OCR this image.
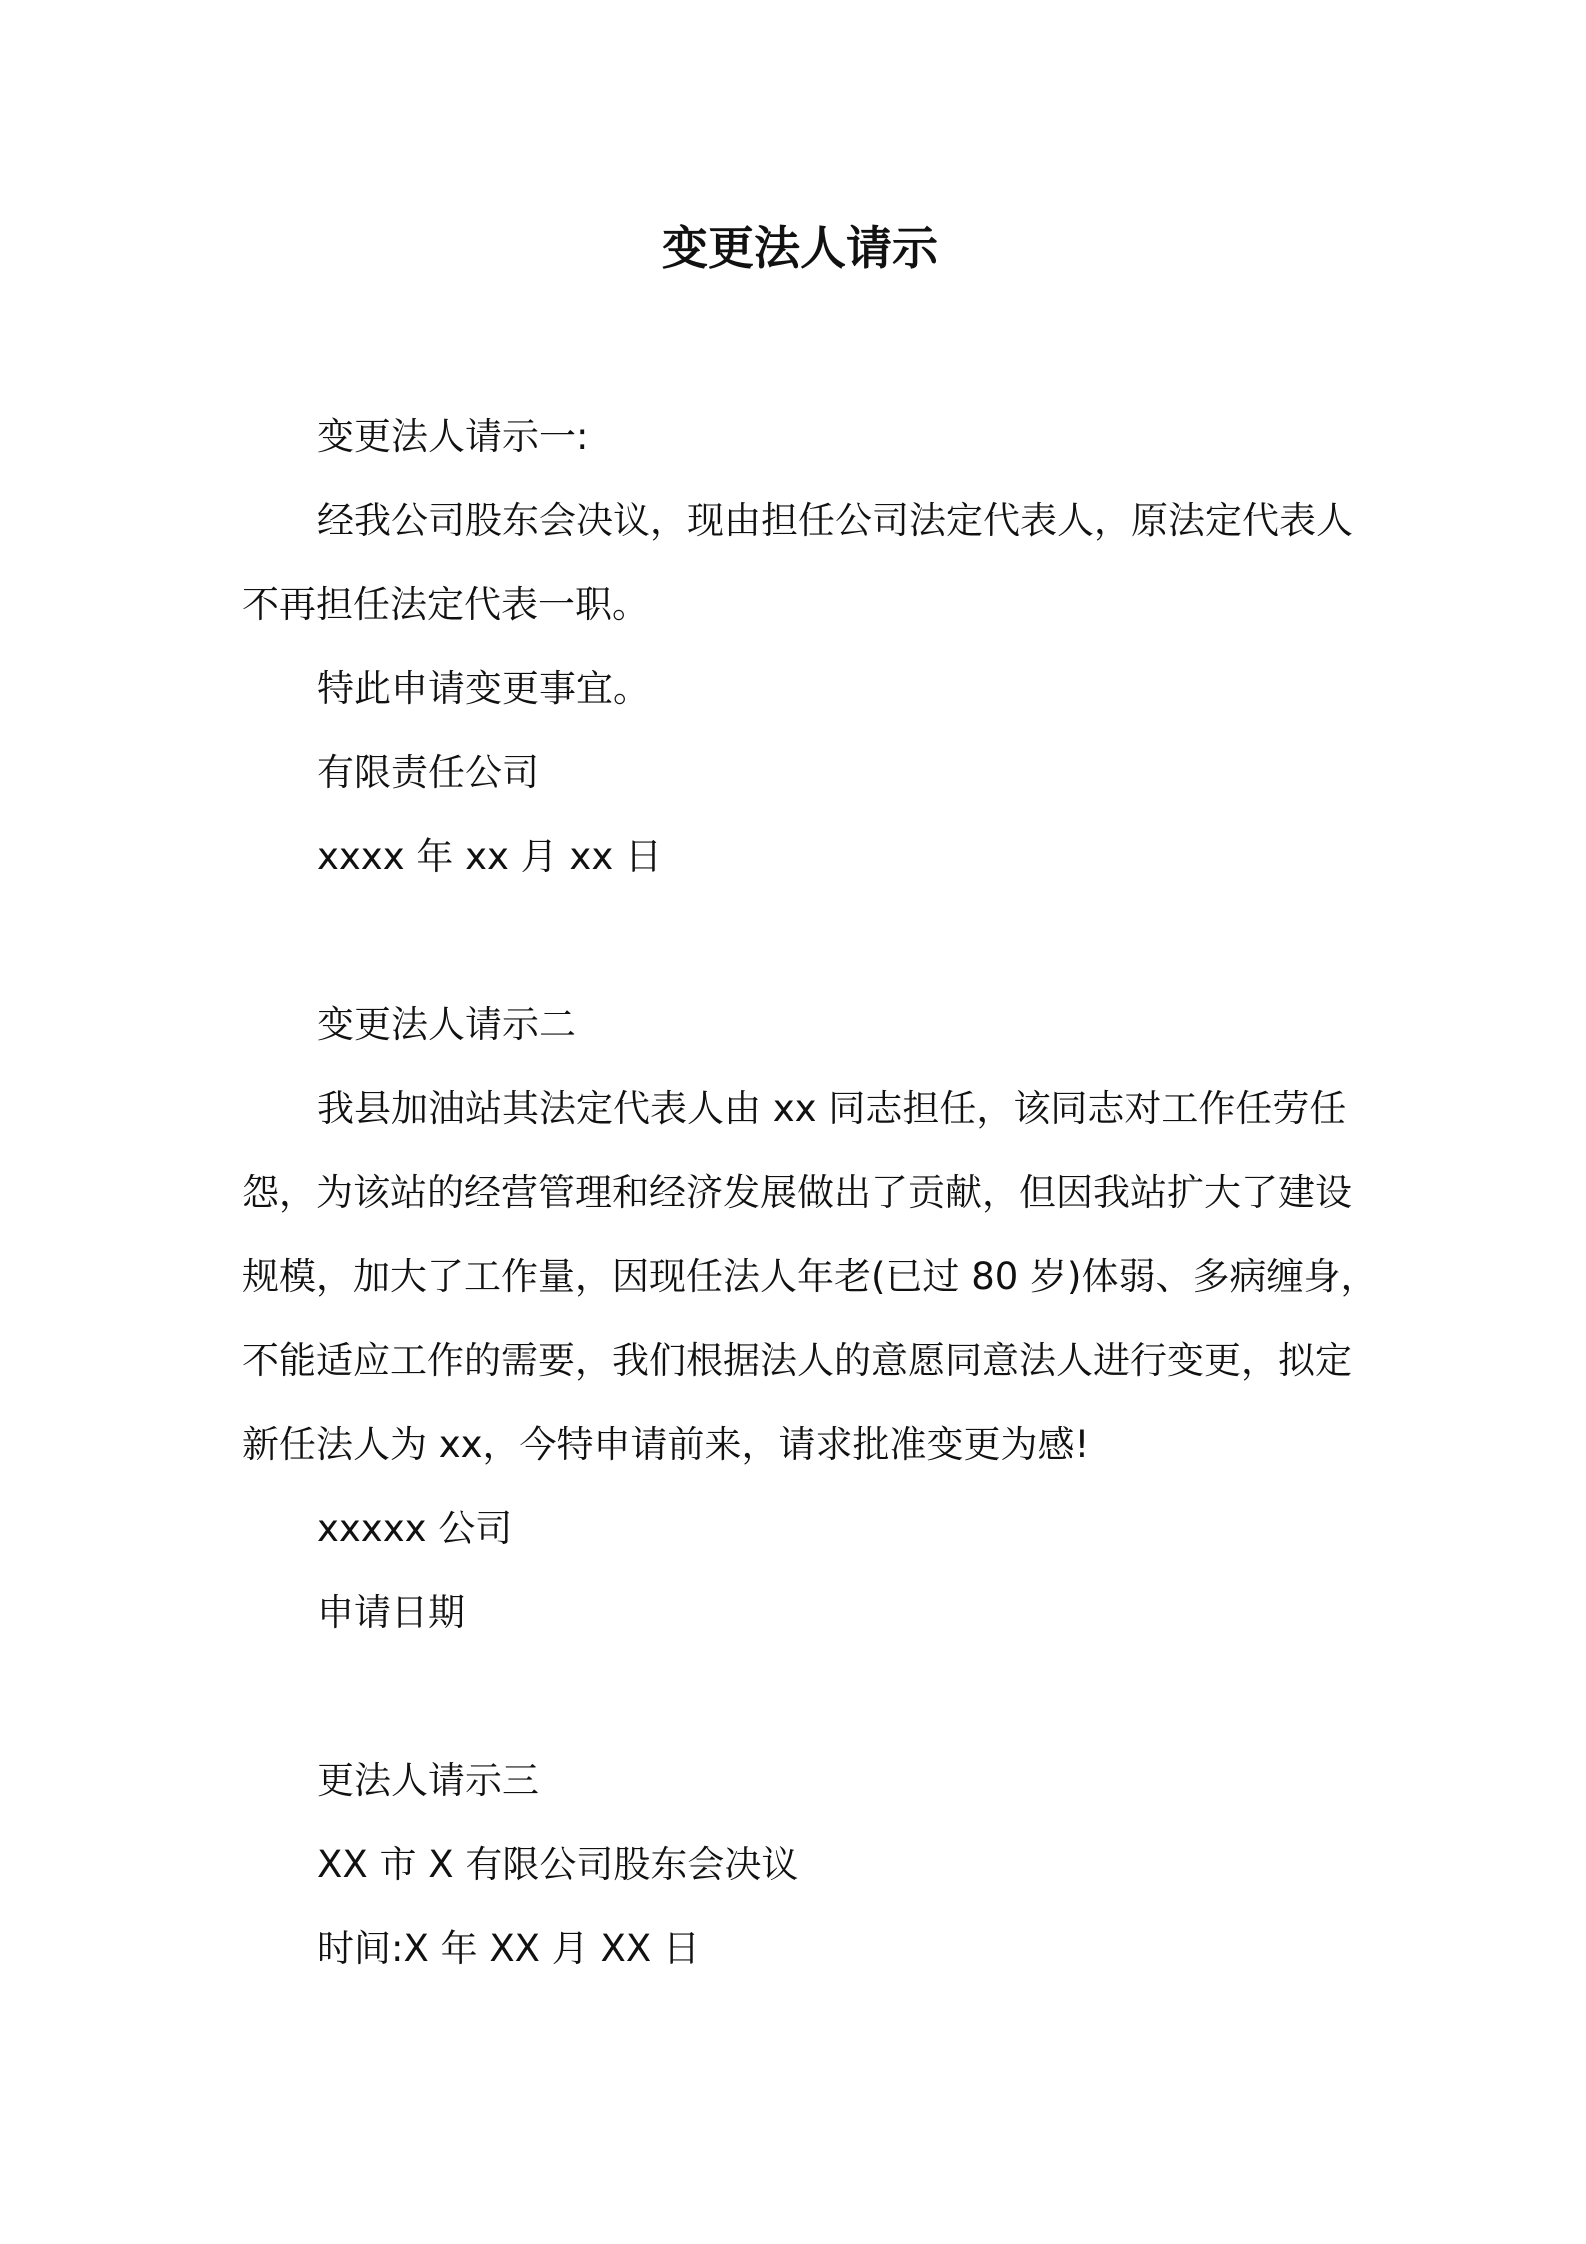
变更法人请示
变更法人请示一:
经我公司股东会决议，现由担任公司法定代表人，原法定代表人
不再担任法定代表一职。
特此申请变更事宜。
有限责任公司
xxxx 年 xx 月 xx 日
变更法人请示二
我县加油站其法定代表人由 xx 同志担任，该同志对工作任劳任
怨，为该站的经营管理和经济发展做出了贡献，但因我站扩大了建设
规模，加大了工作量，因现任法人年老(已过 80 岁)体弱、多病缠身，
不能适应工作的需要，我们根据法人的意愿同意法人进行变更，拟定
新任法人为 xx，今特申请前来，请求批准变更为感!
xxxxx 公司
申请日期
更法人请示三
XX 市 X 有限公司股东会决议
时间:X 年 XX 月 XX 日
